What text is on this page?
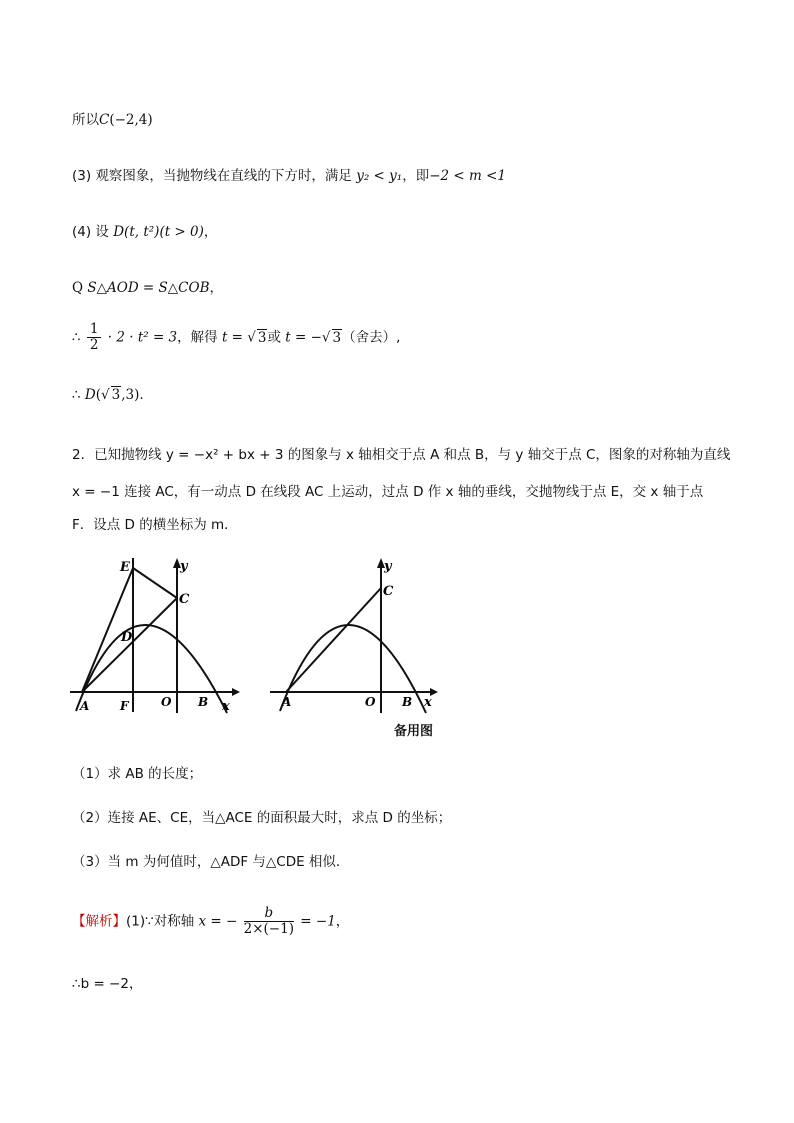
所以C(−2,4)
(3) 观察图象，当抛物线在直线的下方时，满足 y₂ < y₁，即−2 < m <1
(4) 设 D(t, t²)(t > 0)，
Q S△AOD = S△COB，
∴ $\frac{1}{2} \cdot 2 \cdot t^2 = 3$，解得 t = √ 3或 t = −√ 3（舍去）,
∴ D(√ 3,3).
2．已知抛物线 y = −x² + bx + 3 的图象与 x 轴相交于点 A 和点 B，与 y 轴交于点 C，图象的对称轴为直线
x = −1 连接 AC，有一动点 D 在线段 AC 上运动，过点 D 作 x 轴的垂线，交抛物线于点 E，交 x 轴于点
F．设点 D 的横坐标为 m．
E	y
C
D
A	F	O B x
y
C
A	O B x
备用图
（1）求 AB 的长度；
（2）连接 AE、CE，当△ACE 的面积最大时，求点 D 的坐标；
（3）当 m 为何值时，△ADF 与△CDE 相似．
【解析】(1)∵对称轴 x = − $\frac{b}{2\times(-1)} = -1$，
∴b = −2，
